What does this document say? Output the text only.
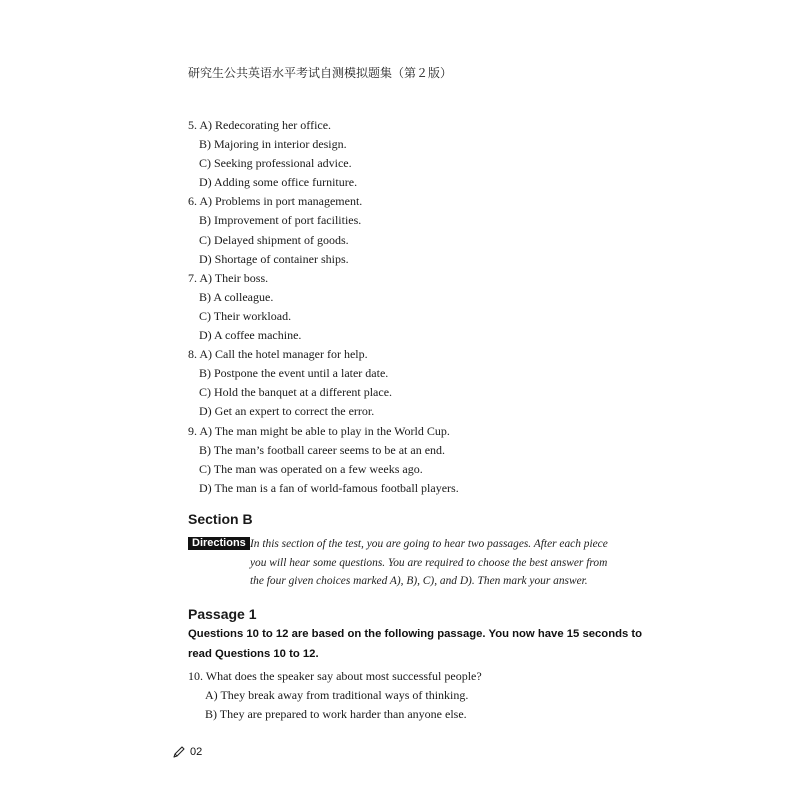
研究生公共英语水平考试自测模拟题集（第２版）
5. A) Redecorating her office.
B) Majoring in interior design.
C) Seeking professional advice.
D) Adding some office furniture.
6. A) Problems in port management.
B) Improvement of port facilities.
C) Delayed shipment of goods.
D) Shortage of container ships.
7. A) Their boss.
B) A colleague.
C) Their workload.
D) A coffee machine.
8. A) Call the hotel manager for help.
B) Postpone the event until a later date.
C) Hold the banquet at a different place.
D) Get an expert to correct the error.
9. A) The man might be able to play in the World Cup.
B) The man’s football career seems to be at an end.
C) The man was operated on a few weeks ago.
D) The man is a fan of world-famous football players.
Section B
Directions In this section of the test, you are going to hear two passages. After each piece
you will hear some questions. You are required to choose the best answer from
the four given choices marked A), B), C), and D). Then mark your answer.
Passage 1
Questions 10 to 12 are based on the following passage. You now have 15 seconds to
read Questions 10 to 12.
10. What does the speaker say about most successful people?
A) They break away from traditional ways of thinking.
B) They are prepared to work harder than anyone else.
02
